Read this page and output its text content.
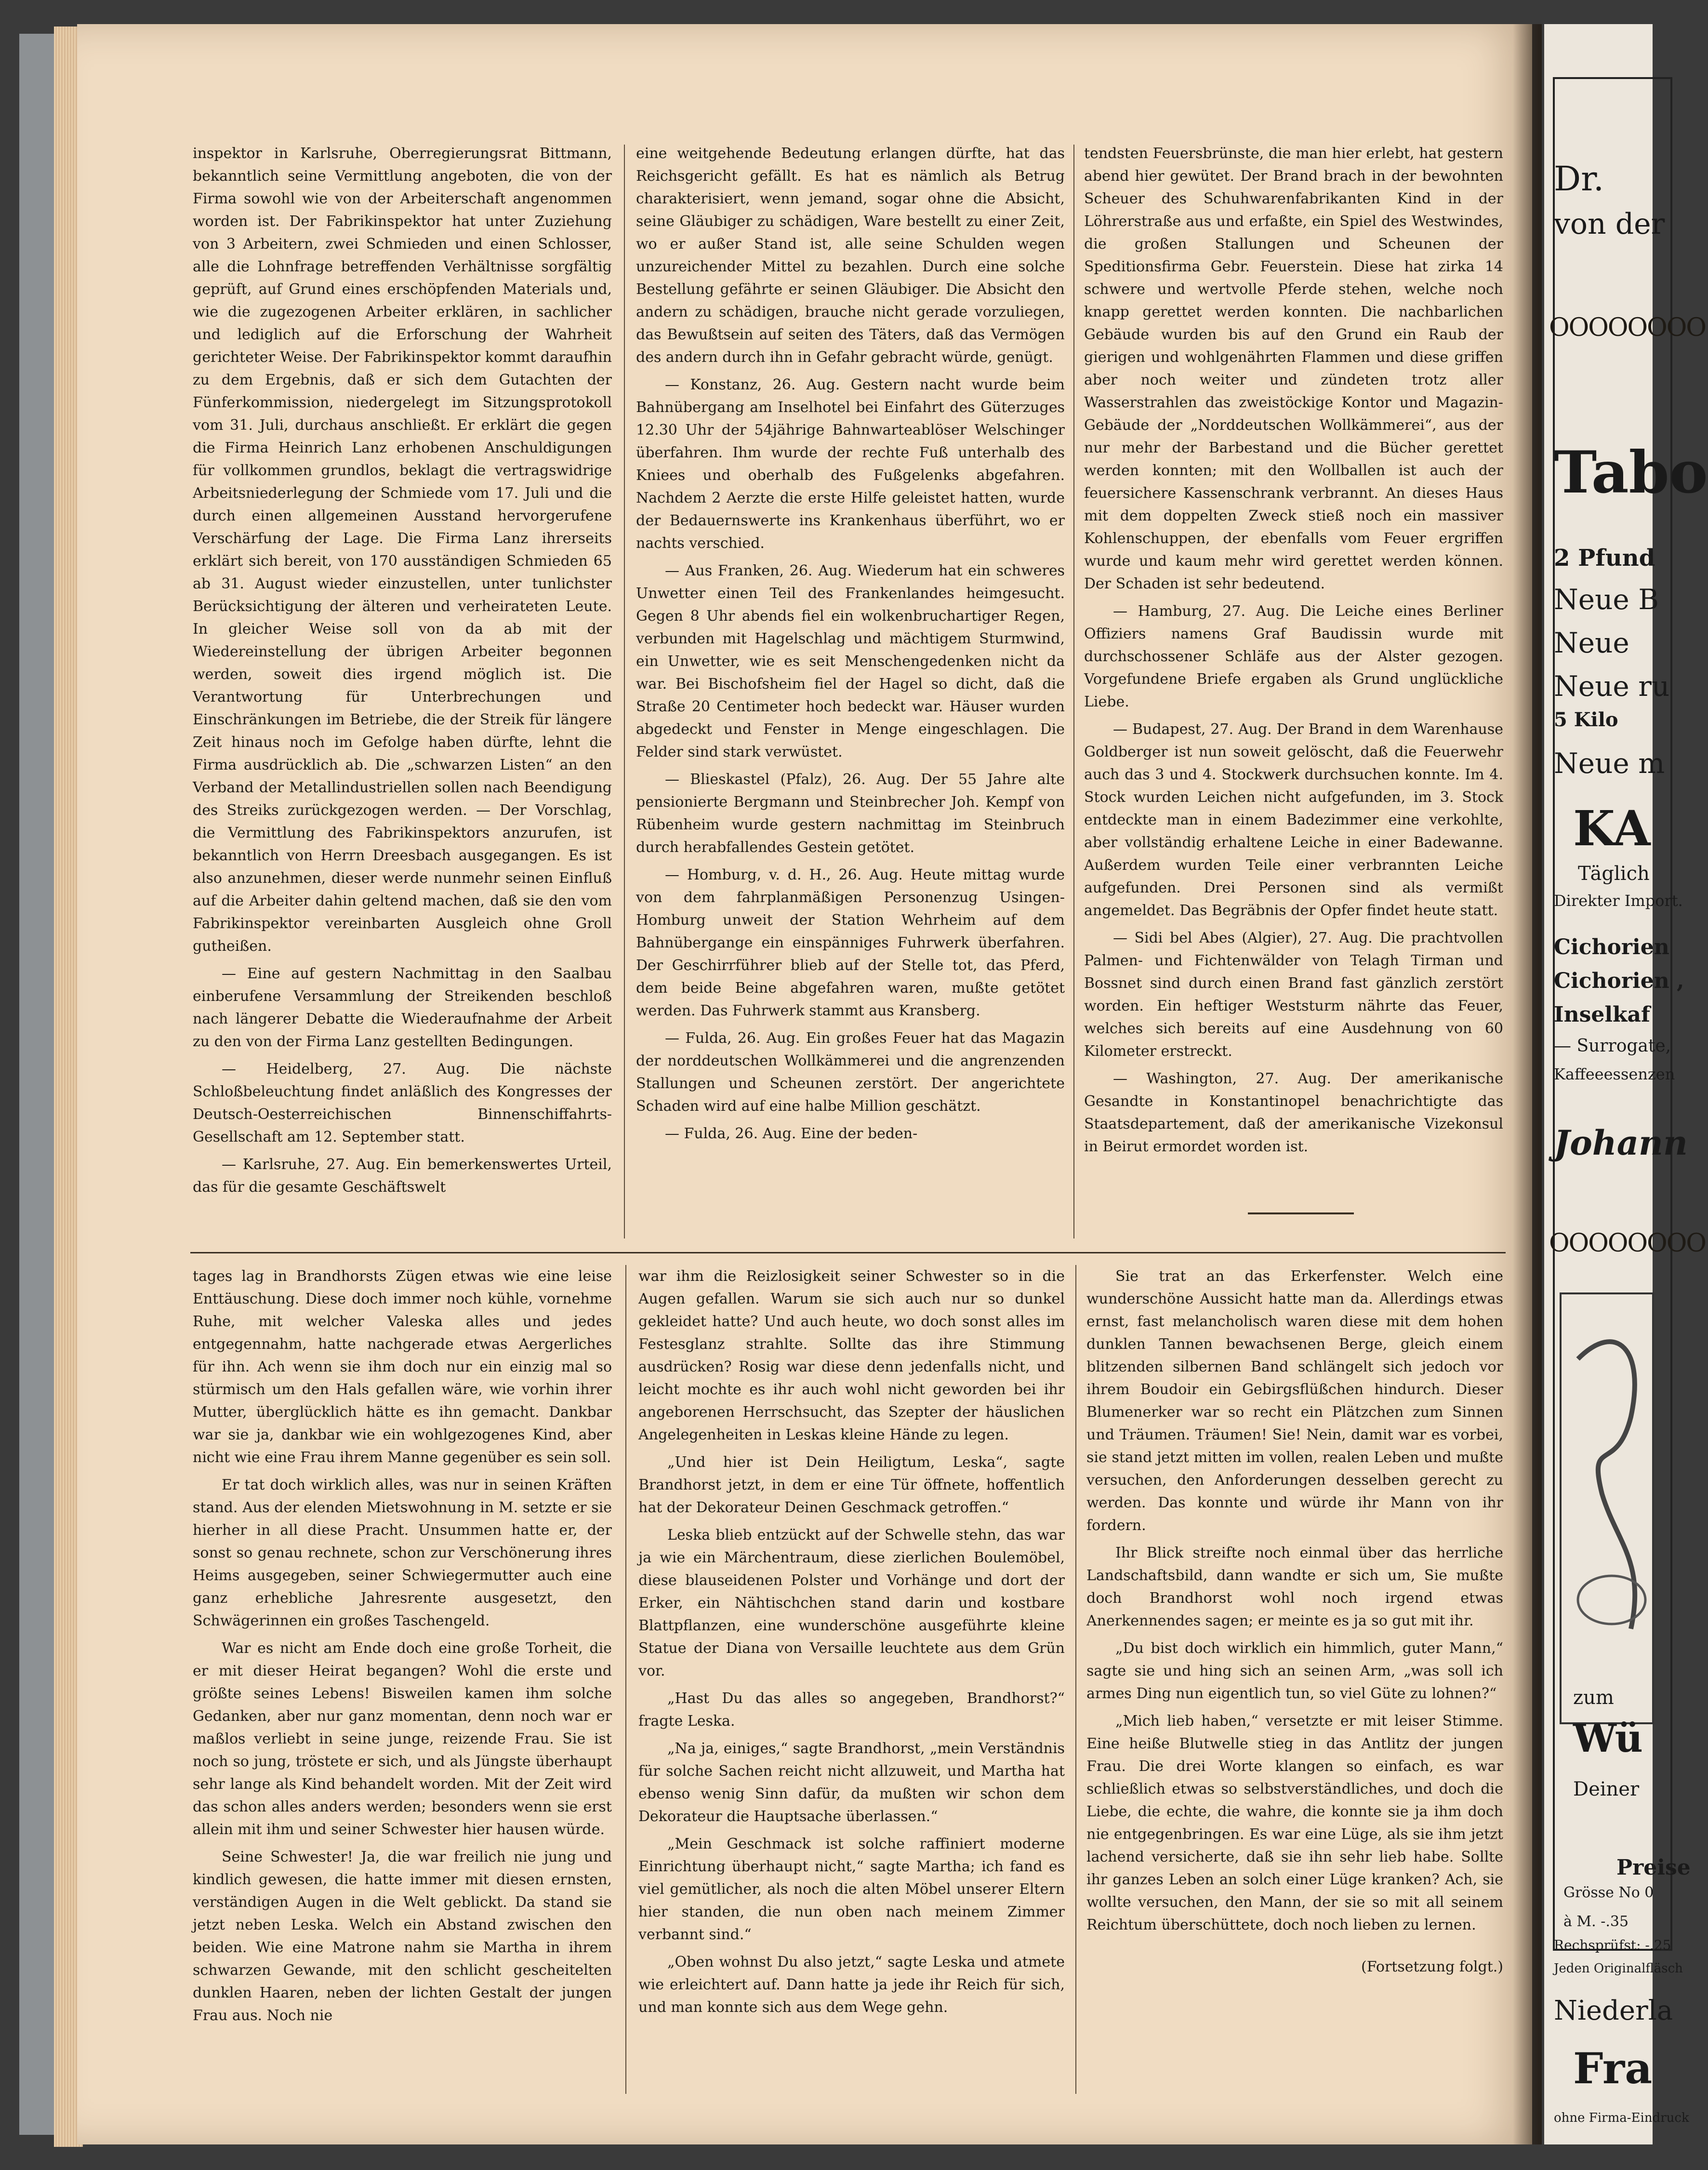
inspektor in Karlsruhe, Oberregierungsrat Bittmann, bekanntlich seine Vermittlung angeboten, die von der Firma sowohl wie von der Arbeiterschaft angenommen worden ist. Der Fabrikinspektor hat unter Zuziehung von 3 Arbeitern, zwei Schmieden und einen Schlosser, alle die Lohnfrage betreffenden Verhältnisse sorgfältig geprüft, auf Grund eines erschöpfenden Materials und, wie die zugezogenen Arbeiter erklären, in sachlicher und lediglich auf die Erforschung der Wahrheit gerichteter Weise. Der Fabrikinspektor kommt daraufhin zu dem Ergebnis, daß er sich dem Gutachten der Fünferkommission, niedergelegt im Sitzungsprotokoll vom 31. Juli, durchaus anschließt. Er erklärt die gegen die Firma Heinrich Lanz erhobenen Anschuldigungen für vollkommen grundlos, beklagt die vertragswidrige Arbeitsniederlegung der Schmiede vom 17. Juli und die durch einen allgemeinen Ausstand hervorgerufene Verschärfung der Lage. Die Firma Lanz ihrerseits erklärt sich bereit, von 170 ausständigen Schmieden 65 ab 31. August wieder einzustellen, unter tunlichster Berücksichtigung der älteren und verheirateten Leute. In gleicher Weise soll von da ab mit der Wiedereinstellung der übrigen Arbeiter begonnen werden, soweit dies irgend möglich ist. Die Verantwortung für Unterbrechungen und Einschränkungen im Betriebe, die der Streik für längere Zeit hinaus noch im Gefolge haben dürfte, lehnt die Firma ausdrücklich ab. Die „schwarzen Listen“ an den Verband der Metallindustriellen sollen nach Beendigung des Streiks zurückgezogen werden. — Der Vorschlag, die Vermittlung des Fabrikinspektors anzurufen, ist bekanntlich von Herrn Dreesbach ausgegangen. Es ist also anzunehmen, dieser werde nunmehr seinen Einfluß auf die Arbeiter dahin geltend machen, daß sie den vom Fabrikinspektor vereinbarten Ausgleich ohne Groll gutheißen.

— Eine auf gestern Nachmittag in den Saalbau einberufene Versammlung der Streikenden beschloß nach längerer Debatte die Wiederaufnahme der Arbeit zu den von der Firma Lanz gestellten Bedingungen.

— Heidelberg, 27. Aug. Die nächste Schloßbeleuchtung findet anläßlich des Kongresses der Deutsch-Oesterreichischen Binnenschiffahrts-Gesellschaft am 12. September statt.

— Karlsruhe, 27. Aug. Ein bemerkenswertes Urteil, das für die gesamte Geschäftswelt

eine weitgehende Bedeutung erlangen dürfte, hat das Reichsgericht gefällt. Es hat es nämlich als Betrug charakterisiert, wenn jemand, sogar ohne die Absicht, seine Gläubiger zu schädigen, Ware bestellt zu einer Zeit, wo er außer Stand ist, alle seine Schulden wegen unzureichender Mittel zu bezahlen. Durch eine solche Bestellung gefährte er seinen Gläubiger. Die Absicht den andern zu schädigen, brauche nicht gerade vorzuliegen, das Bewußtsein auf seiten des Täters, daß das Vermögen des andern durch ihn in Gefahr gebracht würde, genügt.

— Konstanz, 26. Aug. Gestern nacht wurde beim Bahnübergang am Inselhotel bei Einfahrt des Güterzuges 12.30 Uhr der 54jährige Bahnwarteablöser Welschinger überfahren. Ihm wurde der rechte Fuß unterhalb des Kniees und oberhalb des Fußgelenks abgefahren. Nachdem 2 Aerzte die erste Hilfe geleistet hatten, wurde der Bedauernswerte ins Krankenhaus überführt, wo er nachts verschied.

— Aus Franken, 26. Aug. Wiederum hat ein schweres Unwetter einen Teil des Frankenlandes heimgesucht. Gegen 8 Uhr abends fiel ein wolkenbruchartiger Regen, verbunden mit Hagelschlag und mächtigem Sturmwind, ein Unwetter, wie es seit Menschengedenken nicht da war. Bei Bischofsheim fiel der Hagel so dicht, daß die Straße 20 Centimeter hoch bedeckt war. Häuser wurden abgedeckt und Fenster in Menge eingeschlagen. Die Felder sind stark verwüstet.

— Blieskastel (Pfalz), 26. Aug. Der 55 Jahre alte pensionierte Bergmann und Steinbrecher Joh. Kempf von Rübenheim wurde gestern nachmittag im Steinbruch durch herabfallendes Gestein getötet.

— Homburg, v. d. H., 26. Aug. Heute mittag wurde von dem fahrplanmäßigen Personenzug Usingen-Homburg unweit der Station Wehrheim auf dem Bahnübergange ein einspänniges Fuhrwerk überfahren. Der Geschirrführer blieb auf der Stelle tot, das Pferd, dem beide Beine abgefahren waren, mußte getötet werden. Das Fuhrwerk stammt aus Kransberg.

— Fulda, 26. Aug. Ein großes Feuer hat das Magazin der norddeutschen Wollkämmerei und die angrenzenden Stallungen und Scheunen zerstört. Der angerichtete Schaden wird auf eine halbe Million geschätzt.

— Fulda, 26. Aug. Eine der beden-

tendsten Feuersbrünste, die man hier erlebt, hat gestern abend hier gewütet. Der Brand brach in der bewohnten Scheuer des Schuhwarenfabrikanten Kind in der Löhrerstraße aus und erfaßte, ein Spiel des Westwindes, die großen Stallungen und Scheunen der Speditionsfirma Gebr. Feuerstein. Diese hat zirka 14 schwere und wertvolle Pferde stehen, welche noch knapp gerettet werden konnten. Die nachbarlichen Gebäude wurden bis auf den Grund ein Raub der gierigen und wohlgenährten Flammen und diese griffen aber noch weiter und zündeten trotz aller Wasserstrahlen das zweistöckige Kontor und Magazin-Gebäude der „Norddeutschen Wollkämmerei“, aus der nur mehr der Barbestand und die Bücher gerettet werden konnten; mit den Wollballen ist auch der feuersichere Kassenschrank verbrannt. An dieses Haus mit dem doppelten Zweck stieß noch ein massiver Kohlenschuppen, der ebenfalls vom Feuer ergriffen wurde und kaum mehr wird gerettet werden können. Der Schaden ist sehr bedeutend.

— Hamburg, 27. Aug. Die Leiche eines Berliner Offiziers namens Graf Baudissin wurde mit durchschossener Schläfe aus der Alster gezogen. Vorgefundene Briefe ergaben als Grund unglückliche Liebe.

— Budapest, 27. Aug. Der Brand in dem Warenhause Goldberger ist nun soweit gelöscht, daß die Feuerwehr auch das 3 und 4. Stockwerk durchsuchen konnte. Im 4. Stock wurden Leichen nicht aufgefunden, im 3. Stock entdeckte man in einem Badezimmer eine verkohlte, aber vollständig erhaltene Leiche in einer Badewanne. Außerdem wurden Teile einer verbrannten Leiche aufgefunden. Drei Personen sind als vermißt angemeldet. Das Begräbnis der Opfer findet heute statt.

— Sidi bel Abes (Algier), 27. Aug. Die prachtvollen Palmen- und Fichtenwälder von Telagh Tirman und Bossnet sind durch einen Brand fast gänzlich zerstört worden. Ein heftiger Weststurm nährte das Feuer, welches sich bereits auf eine Ausdehnung von 60 Kilometer erstreckt.

— Washington, 27. Aug. Der amerikanische Gesandte in Konstantinopel benachrichtigte das Staatsdepartement, daß der amerikanische Vizekonsul in Beirut ermordet worden ist.

tages lag in Brandhorsts Zügen etwas wie eine leise Enttäuschung. Diese doch immer noch kühle, vornehme Ruhe, mit welcher Valeska alles und jedes entgegennahm, hatte nachgerade etwas Aergerliches für ihn. Ach wenn sie ihm doch nur ein einzig mal so stürmisch um den Hals gefallen wäre, wie vorhin ihrer Mutter, überglücklich hätte es ihn gemacht. Dankbar war sie ja, dankbar wie ein wohlgezogenes Kind, aber nicht wie eine Frau ihrem Manne gegenüber es sein soll.

Er tat doch wirklich alles, was nur in seinen Kräften stand. Aus der elenden Mietswohnung in M. setzte er sie hierher in all diese Pracht. Unsummen hatte er, der sonst so genau rechnete, schon zur Verschönerung ihres Heims ausgegeben, seiner Schwiegermutter auch eine ganz erhebliche Jahresrente ausgesetzt, den Schwägerinnen ein großes Taschengeld.

War es nicht am Ende doch eine große Torheit, die er mit dieser Heirat begangen? Wohl die erste und größte seines Lebens! Bisweilen kamen ihm solche Gedanken, aber nur ganz momentan, denn noch war er maßlos verliebt in seine junge, reizende Frau. Sie ist noch so jung, tröstete er sich, und als Jüngste überhaupt sehr lange als Kind behandelt worden. Mit der Zeit wird das schon alles anders werden; besonders wenn sie erst allein mit ihm und seiner Schwester hier hausen würde.

Seine Schwester! Ja, die war freilich nie jung und kindlich gewesen, die hatte immer mit diesen ernsten, verständigen Augen in die Welt geblickt. Da stand sie jetzt neben Leska. Welch ein Abstand zwischen den beiden. Wie eine Matrone nahm sie Martha in ihrem schwarzen Gewande, mit den schlicht gescheitelten dunklen Haaren, neben der lichten Gestalt der jungen Frau aus. Noch nie

war ihm die Reizlosigkeit seiner Schwester so in die Augen gefallen. Warum sie sich auch nur so dunkel gekleidet hatte? Und auch heute, wo doch sonst alles im Festesglanz strahlte. Sollte das ihre Stimmung ausdrücken? Rosig war diese denn jedenfalls nicht, und leicht mochte es ihr auch wohl nicht geworden bei ihr angeborenen Herrschsucht, das Szepter der häuslichen Angelegenheiten in Leskas kleine Hände zu legen.

„Und hier ist Dein Heiligtum, Leska“, sagte Brandhorst jetzt, in dem er eine Tür öffnete, hoffentlich hat der Dekorateur Deinen Geschmack getroffen.“

Leska blieb entzückt auf der Schwelle stehn, das war ja wie ein Märchentraum, diese zierlichen Boulemöbel, diese blauseidenen Polster und Vorhänge und dort der Erker, ein Nähtischchen stand darin und kostbare Blattpflanzen, eine wunderschöne ausgeführte kleine Statue der Diana von Versaille leuchtete aus dem Grün vor.

„Hast Du das alles so angegeben, Brandhorst?“ fragte Leska.

„Na ja, einiges,“ sagte Brandhorst, „mein Verständnis für solche Sachen reicht nicht allzuweit, und Martha hat ebenso wenig Sinn dafür, da mußten wir schon dem Dekorateur die Hauptsache überlassen.“

„Mein Geschmack ist solche raffiniert moderne Einrichtung überhaupt nicht,“ sagte Martha; ich fand es viel gemütlicher, als noch die alten Möbel unserer Eltern hier standen, die nun oben nach meinem Zimmer verbannt sind.“

„Oben wohnst Du also jetzt,“ sagte Leska und atmete wie erleichtert auf. Dann hatte ja jede ihr Reich für sich, und man konnte sich aus dem Wege gehn.

Sie trat an das Erkerfenster. Welch eine wunderschöne Aussicht hatte man da. Allerdings etwas ernst, fast melancholisch waren diese mit dem hohen dunklen Tannen bewachsenen Berge, gleich einem blitzenden silbernen Band schlängelt sich jedoch vor ihrem Boudoir ein Gebirgsflüßchen hindurch. Dieser Blumenerker war so recht ein Plätzchen zum Sinnen und Träumen. Träumen! Sie! Nein, damit war es vorbei, sie stand jetzt mitten im vollen, realen Leben und mußte versuchen, den Anforderungen desselben gerecht zu werden. Das konnte und würde ihr Mann von ihr fordern.

Ihr Blick streifte noch einmal über das herrliche Landschaftsbild, dann wandte er sich um, Sie mußte doch Brandhorst wohl noch irgend etwas Anerkennendes sagen; er meinte es ja so gut mit ihr.

„Du bist doch wirklich ein himmlich, guter Mann,“ sagte sie und hing sich an seinen Arm, „was soll ich armes Ding nun eigentlich tun, so viel Güte zu lohnen?“

„Mich lieb haben,“ versetzte er mit leiser Stimme. Eine heiße Blutwelle stieg in das Antlitz der jungen Frau. Die drei Worte klangen so einfach, es war schließlich etwas so selbstverständliches, und doch die Liebe, die echte, die wahre, die konnte sie ja ihm doch nie entgegenbringen. Es war eine Lüge, als sie ihm jetzt lachend versicherte, daß sie ihn sehr lieb habe. Sollte ihr ganzes Leben an solch einer Lüge kranken? Ach, sie wollte versuchen, den Mann, der sie so mit all seinem Reichtum überschüttete, doch noch lieben zu lernen.

(Fortsetzung folgt.)

Dr.
von der
OOOOOOOO
Tabo
2 Pfund
Neue B
Neue
Neue ru
5 Kilo
Neue m
KA
Täglich
Direkter Import.
Cichorien
Cichorien ,
Inselkaf
— Surrogate,
Kaffeeessenzen
Johann
OOOOOOOO
zum
Wü
Deiner
Preise
Grösse No 0
à M. -.35
Rechsprüfst: -.25
Jeden Originalfläsch
Niederla
Fra
ohne Firma-Eindruck
